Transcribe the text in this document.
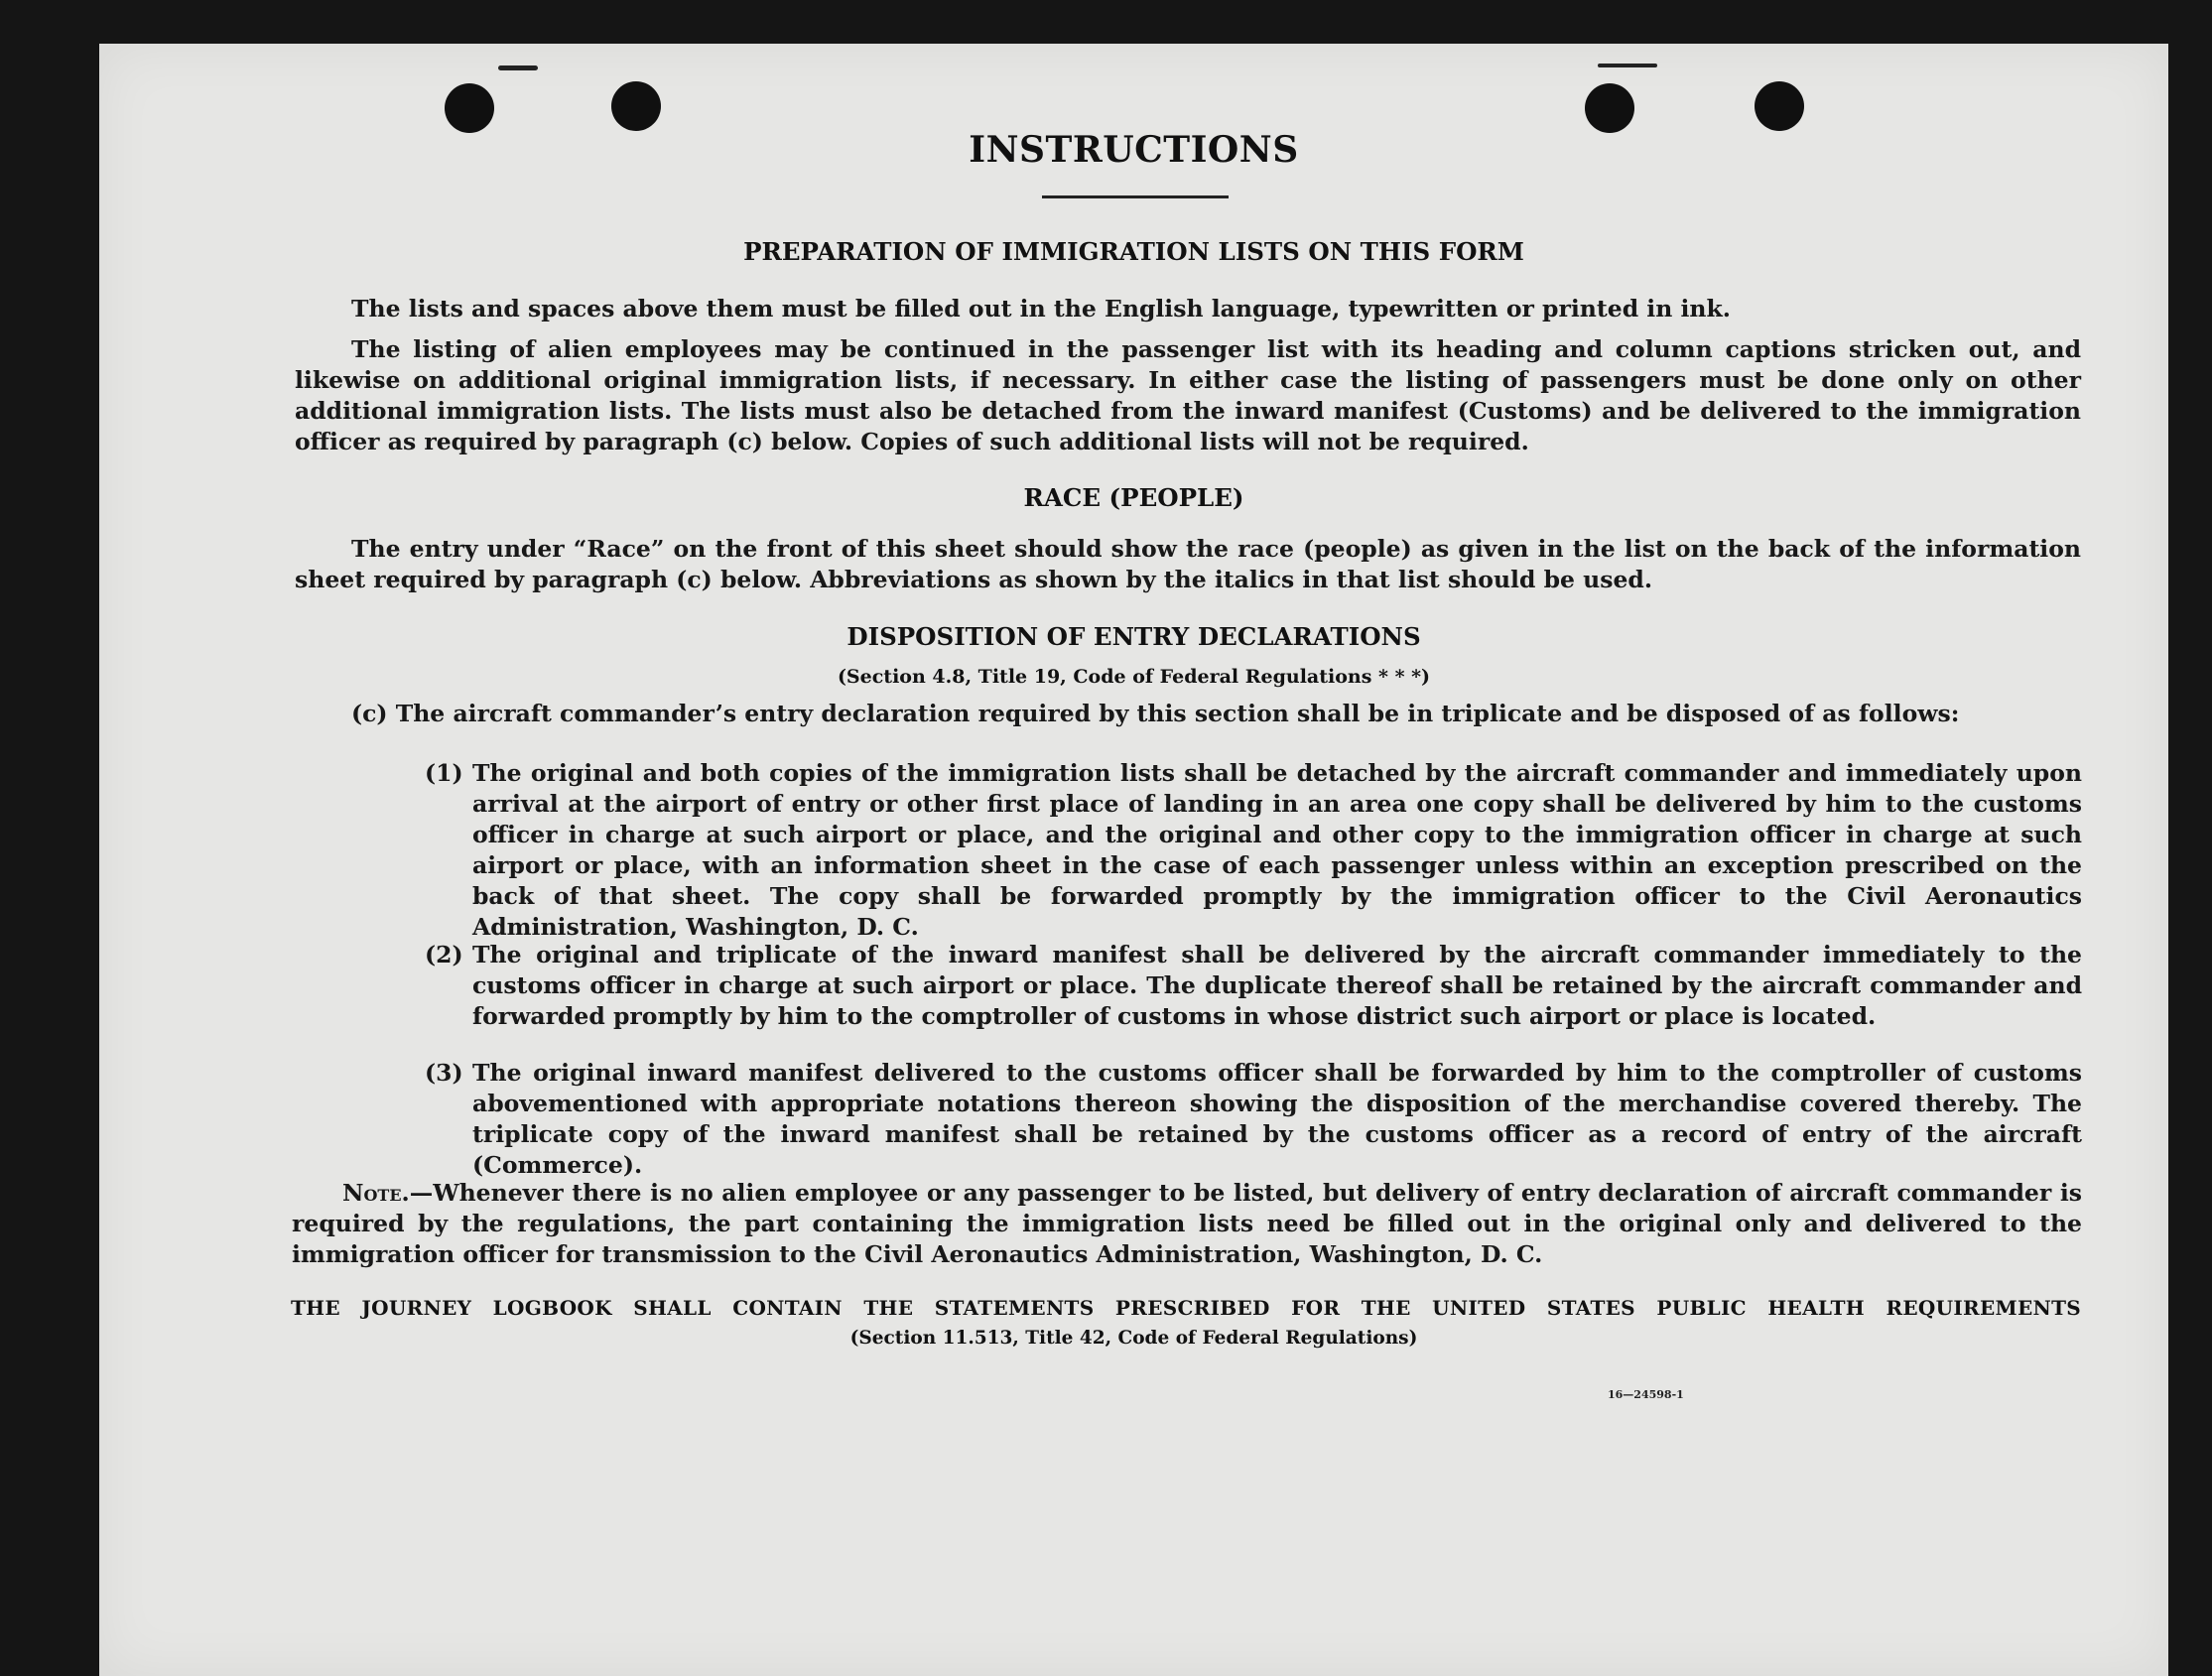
INSTRUCTIONS
PREPARATION OF IMMIGRATION LISTS ON THIS FORM
The lists and spaces above them must be filled out in the English language, typewritten or printed in ink.
The listing of alien employees may be continued in the passenger list with its heading and column captions stricken out, and likewise on additional original immigration lists, if necessary. In either case the listing of passengers must be done only on other additional immigration lists. The lists must also be detached from the inward manifest (Customs) and be delivered to the immigration officer as required by paragraph (c) below. Copies of such additional lists will not be required.
RACE (PEOPLE)
The entry under “Race” on the front of this sheet should show the race (people) as given in the list on the back of the information sheet required by paragraph (c) below. Abbreviations as shown by the italics in that list should be used.
DISPOSITION OF ENTRY DECLARATIONS
(Section 4.8, Title 19, Code of Federal Regulations * * *)
(c) The aircraft commander’s entry declaration required by this section shall be in triplicate and be disposed of as follows:
(1) The original and both copies of the immigration lists shall be detached by the aircraft commander and immediately upon arrival at the airport of entry or other first place of landing in an area one copy shall be delivered by him to the customs officer in charge at such airport or place, and the original and other copy to the immigration officer in charge at such airport or place, with an information sheet in the case of each passenger unless within an exception prescribed on the back of that sheet. The copy shall be forwarded promptly by the immigration officer to the Civil Aeronautics Administration, Washington, D. C.
(2) The original and triplicate of the inward manifest shall be delivered by the aircraft commander immediately to the customs officer in charge at such airport or place. The duplicate thereof shall be retained by the aircraft commander and forwarded promptly by him to the comptroller of customs in whose district such airport or place is located.
(3) The original inward manifest delivered to the customs officer shall be forwarded by him to the comptroller of customs abovementioned with appropriate notations thereon showing the disposition of the merchandise covered thereby. The triplicate copy of the inward manifest shall be retained by the customs officer as a record of entry of the aircraft (Commerce).
Note.—Whenever there is no alien employee or any passenger to be listed, but delivery of entry declaration of aircraft commander is required by the regulations, the part containing the immigration lists need be filled out in the original only and delivered to the immigration officer for transmission to the Civil Aeronautics Administration, Washington, D. C.
THE JOURNEY LOGBOOK SHALL CONTAIN THE STATEMENTS PRESCRIBED FOR THE UNITED STATES PUBLIC HEALTH REQUIREMENTS
(Section 11.513, Title 42, Code of Federal Regulations)
16—24598-1
